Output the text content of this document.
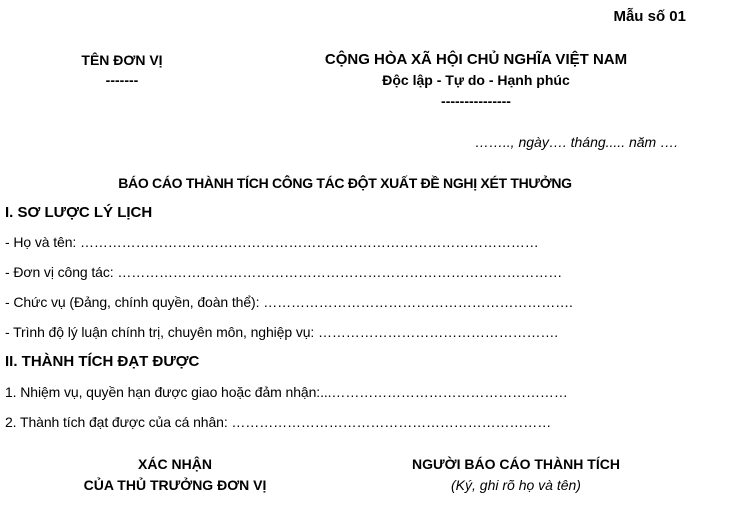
Mẫu số 01
TÊN ĐƠN VỊ
-------
CỘNG HÒA XÃ HỘI CHỦ NGHĨA VIỆT NAM
Độc lập - Tự do - Hạnh phúc
---------------
…….., ngày…. tháng..... năm ….
BÁO CÁO THÀNH TÍCH CÔNG TÁC ĐỘT XUẤT ĐỀ NGHỊ XÉT THƯỞNG
I. SƠ LƯỢC LÝ LỊCH
- Họ và tên: ………………………………………………………………………………………
- Đơn vị công tác: ……………………………………………………………………………………
- Chức vụ (Đảng, chính quyền, đoàn thể): ………………………………………………………….
- Trình độ lý luận chính trị, chuyên môn, nghiệp vụ: …………………………………………….
II. THÀNH TÍCH ĐẠT ĐƯỢC
1. Nhiệm vụ, quyền hạn được giao hoặc đảm nhận:...……………………………………………
2. Thành tích đạt được của cá nhân: ……………………………………………………………
XÁC NHẬN
CỦA THỦ TRƯỞNG ĐƠN VỊ
NGƯỜI BÁO CÁO THÀNH TÍCH
(Ký, ghi rõ họ và tên)
